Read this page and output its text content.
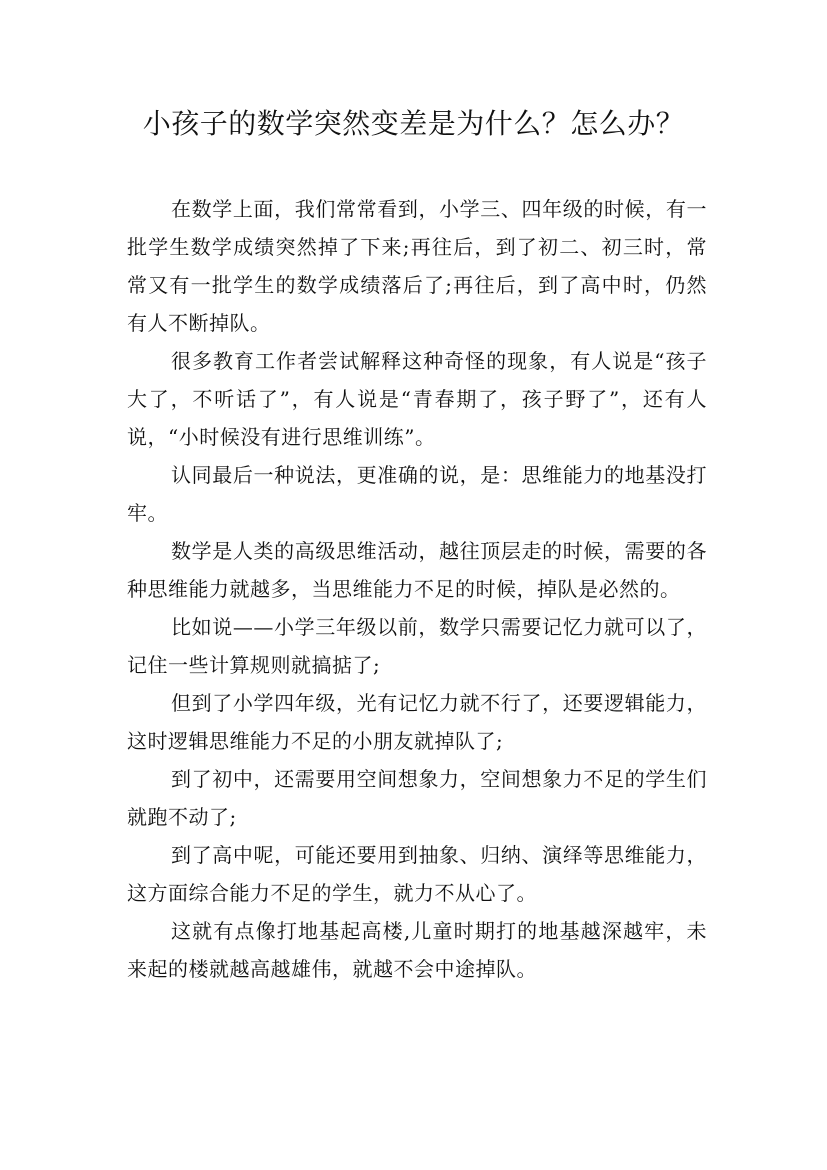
小孩子的数学突然变差是为什么？怎么办？

在数学上面，我们常常看到，小学三、四年级的时候，有一批学生数学成绩突然掉了下来;再往后，到了初二、初三时，常常又有一批学生的数学成绩落后了;再往后，到了高中时，仍然有人不断掉队。

很多教育工作者尝试解释这种奇怪的现象，有人说是“孩子大了，不听话了”，有人说是“青春期了，孩子野了”，还有人说，“小时候没有进行思维训练”。

认同最后一种说法，更准确的说，是：思维能力的地基没打牢。

数学是人类的高级思维活动，越往顶层走的时候，需要的各种思维能力就越多，当思维能力不足的时候，掉队是必然的。

比如说——小学三年级以前，数学只需要记忆力就可以了，记住一些计算规则就搞掂了;

但到了小学四年级，光有记忆力就不行了，还要逻辑能力，这时逻辑思维能力不足的小朋友就掉队了;

到了初中，还需要用空间想象力，空间想象力不足的学生们就跑不动了;

到了高中呢，可能还要用到抽象、归纳、演绎等思维能力，这方面综合能力不足的学生，就力不从心了。

这就有点像打地基起高楼,儿童时期打的地基越深越牢，未来起的楼就越高越雄伟，就越不会中途掉队。
